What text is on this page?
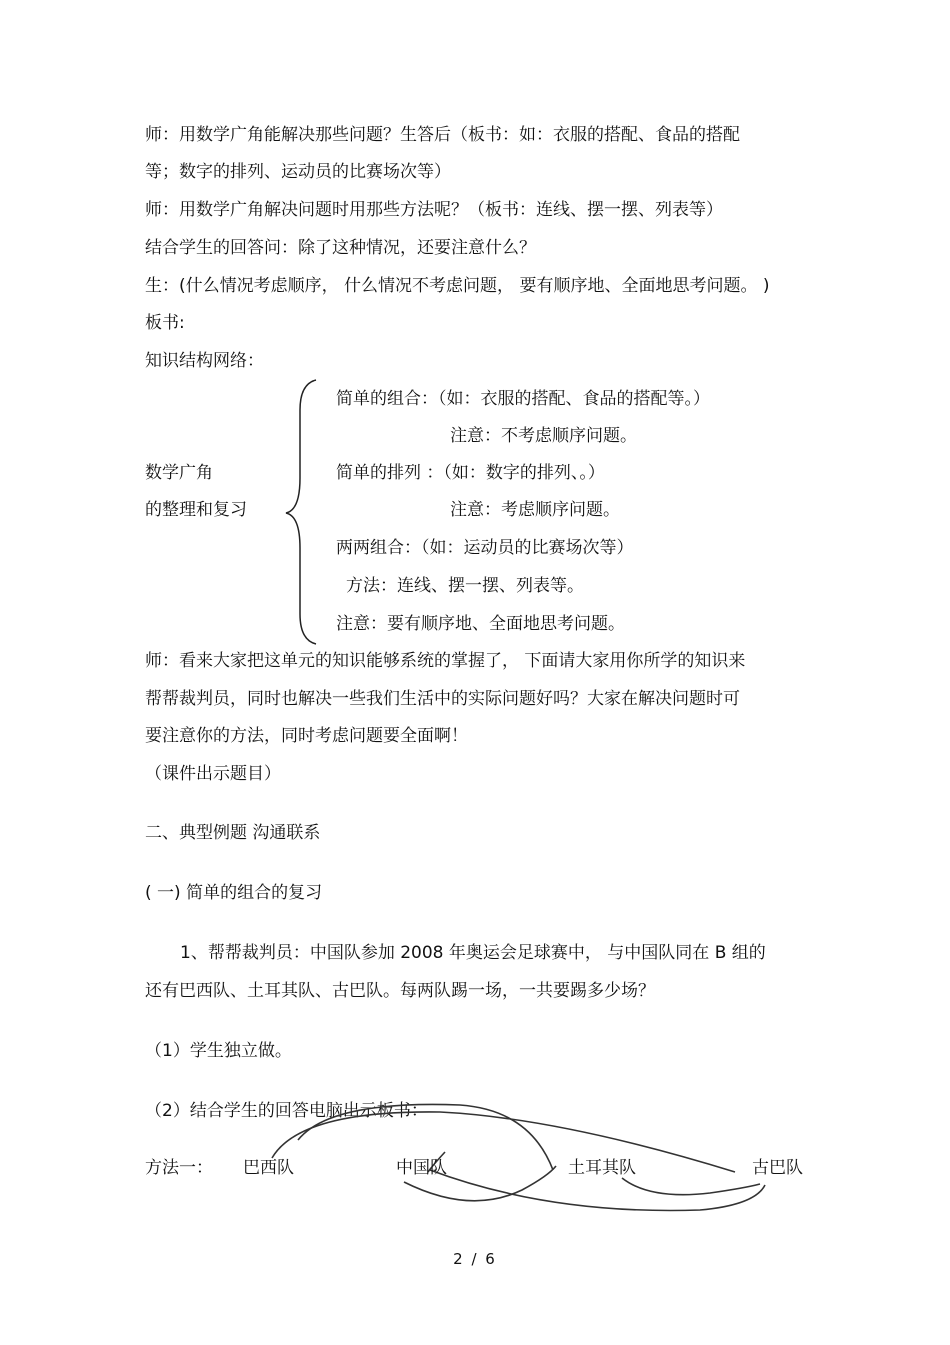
师：用数学广角能解决那些问题？生答后（板书：如：衣服的搭配、食品的搭配
等；数字的排列、运动员的比赛场次等）
师：用数学广角解决问题时用那些方法呢？（板书：连线、摆一摆、列表等）
结合学生的回答问：除了这种情况，还要注意什么？
生：(什么情况考虑顺序， 什么情况不考虑问题， 要有顺序地、全面地思考问题。 )
板书:
知识结构网络：
数学广角
的整理和复习
简单的组合：（如：衣服的搭配、食品的搭配等。）
注意：不考虑顺序问题。
简单的排列 ：（如：数字的排列、。）
注意：考虑顺序问题。
两两组合：（如：运动员的比赛场次等）
方法：连线、摆一摆、列表等。
注意：要有顺序地、全面地思考问题。
师：看来大家把这单元的知识能够系统的掌握了， 下面请大家用你所学的知识来
帮帮裁判员，同时也解决一些我们生活中的实际问题好吗？大家在解决问题时可
要注意你的方法，同时考虑问题要全面啊！
（课件出示题目）
二、典型例题 沟通联系
( 一) 简单的组合的复习
1、帮帮裁判员：中国队参加 2008 年奥运会足球赛中， 与中国队同在 B 组的
还有巴西队、土耳其队、古巴队。每两队踢一场，一共要踢多少场？
（1）学生独立做。
（2）结合学生的回答电脑出示板书：
方法一： 巴西队	中国队	土耳其队	古巴队
2 / 6
